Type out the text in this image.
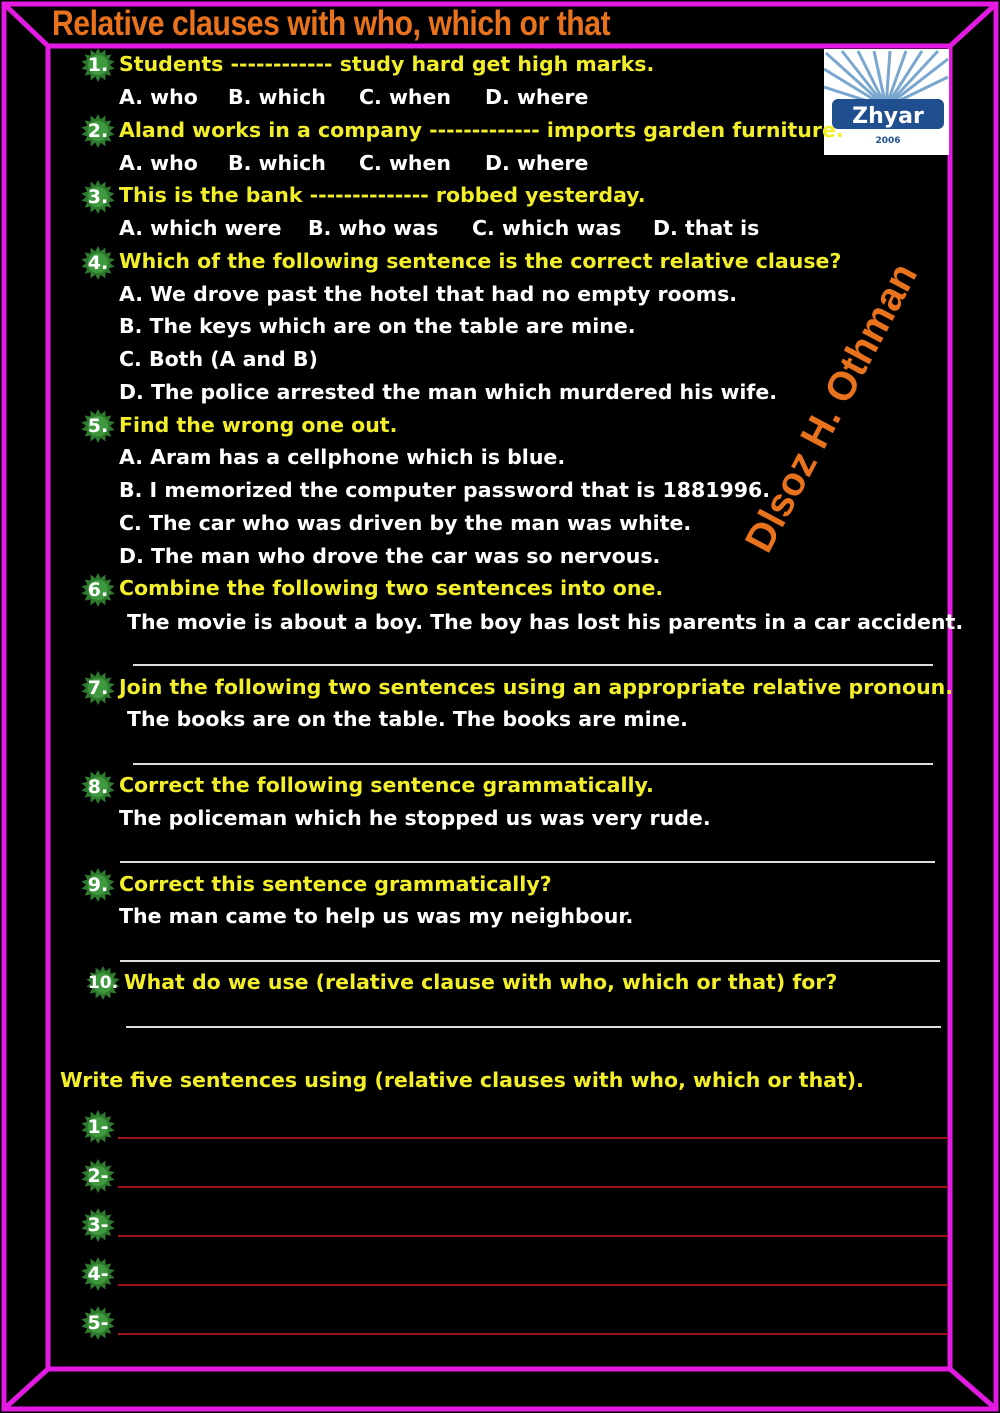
Relative clauses with who, which or that
Zhyar
2006
Dlsoz H. Othman
1. Students ------------ study hard get high marks.
A. who B. which C. when D. where
2. Aland works in a company ------------- imports garden furniture.
A. who B. which C. when D. where
3. This is the bank -------------- robbed yesterday.
A. which were B. who was C. which was D. that is
4. Which of the following sentence is the correct relative clause?
A. We drove past the hotel that had no empty rooms.
B. The keys which are on the table are mine.
C. Both (A and B)
D. The police arrested the man which murdered his wife.
5. Find the wrong one out.
A. Aram has a cellphone which is blue.
B. I memorized the computer password that is 1881996.
C. The car who was driven by the man was white.
D. The man who drove the car was so nervous.
6. Combine the following two sentences into one.
The movie is about a boy. The boy has lost his parents in a car accident.
7. Join the following two sentences using an appropriate relative pronoun.
The books are on the table. The books are mine.
8. Correct the following sentence grammatically.
The policeman which he stopped us was very rude.
9. Correct this sentence grammatically?
The man came to help us was my neighbour.
10. What do we use (relative clause with who, which or that) for?
Write five sentences using (relative clauses with who, which or that).
1-
2-
3-
4-
5-
